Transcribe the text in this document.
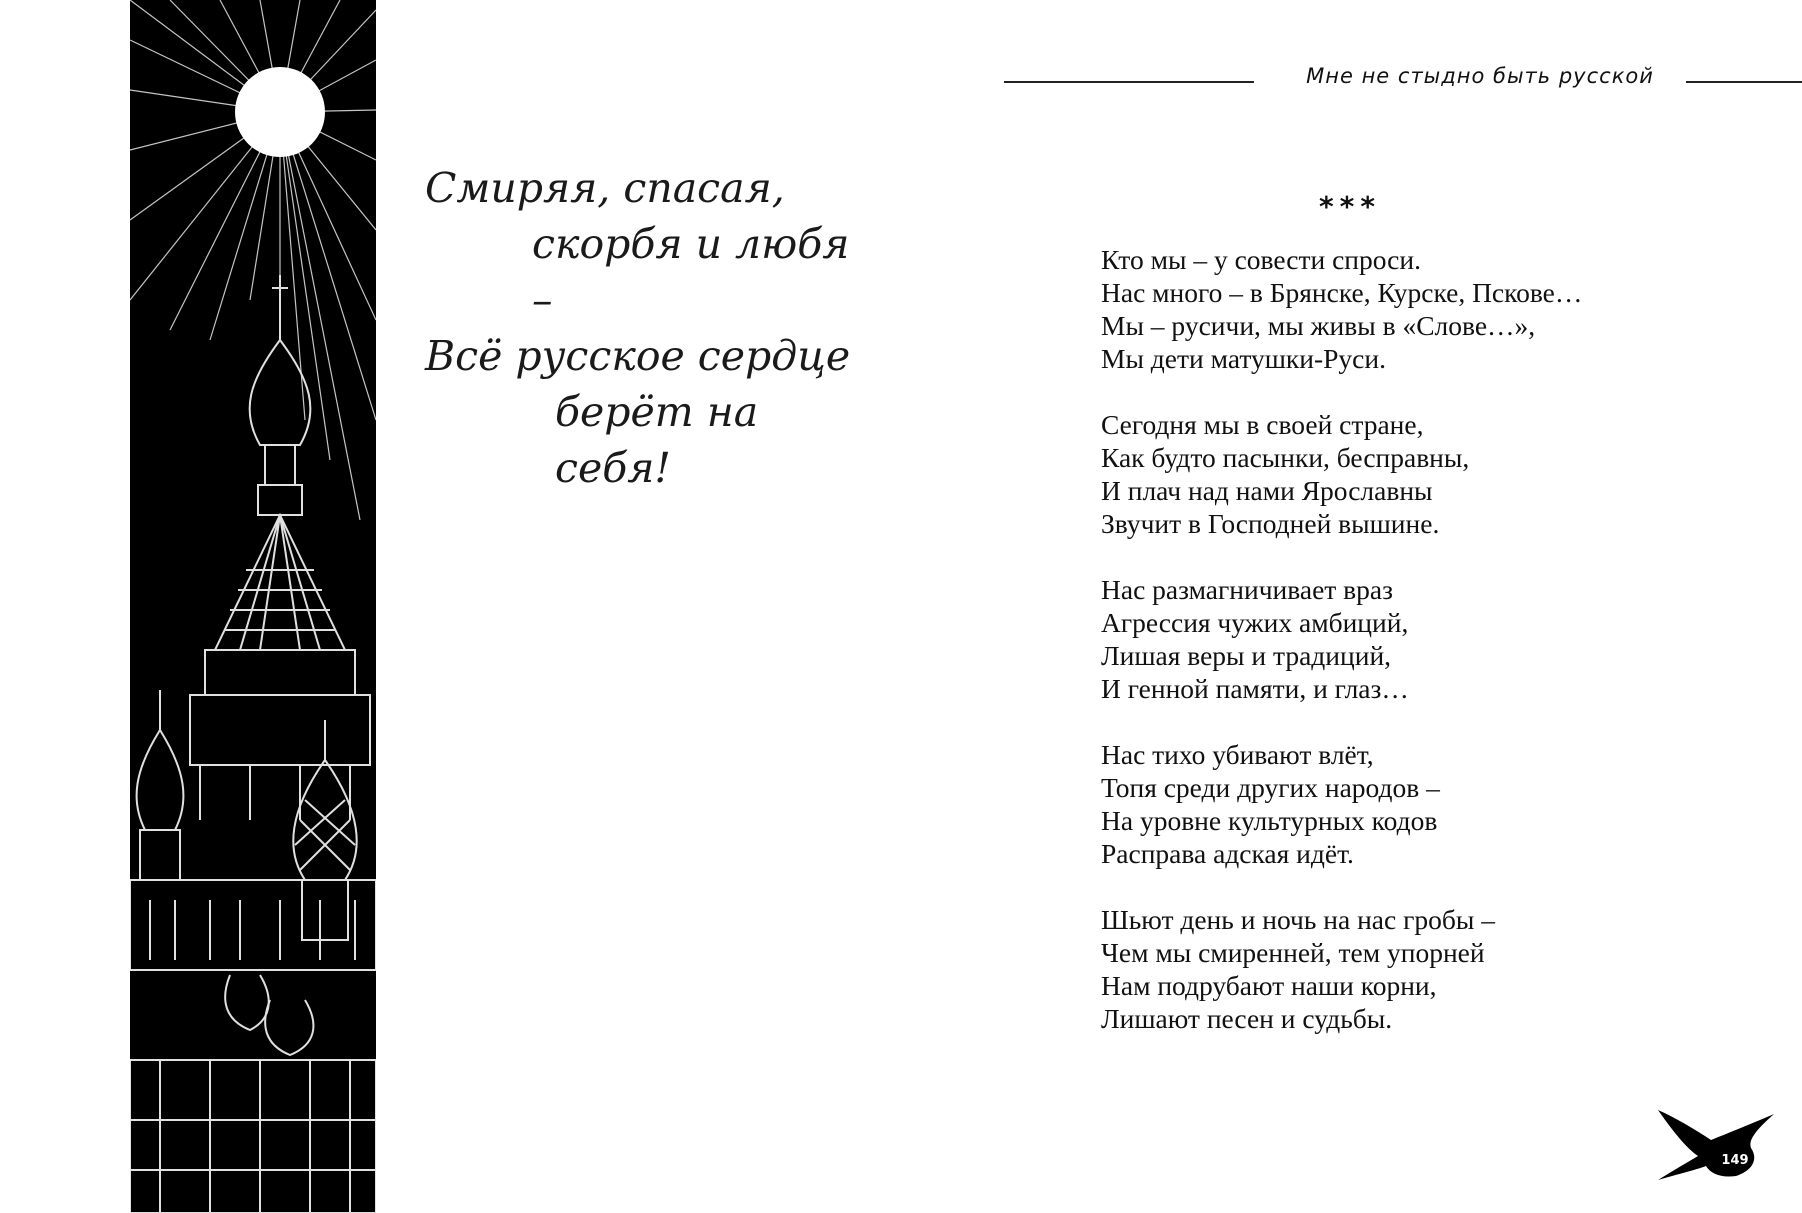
Смиряя, спасая,
скорбя и любя –
Всё русское сердце
берёт на себя!
Мне не стыдно быть русской
***
Кто мы – у совести спроси.
Нас много – в Брянске, Курске, Пскове…
Мы – русичи, мы живы в «Слове…»,
Мы дети матушки-Руси.
Сегодня мы в своей стране,
Как будто пасынки, бесправны,
И плач над нами Ярославны
Звучит в Господней вышине.
Нас размагничивает враз
Агрессия чужих амбиций,
Лишая веры и традиций,
И генной памяти, и глаз…
Нас тихо убивают влёт,
Топя среди других народов –
На уровне культурных кодов
Расправа адская идёт.
Шьют день и ночь на нас гробы –
Чем мы смиренней, тем упорней
Нам подрубают наши корни,
Лишают песен и судьбы.
149
